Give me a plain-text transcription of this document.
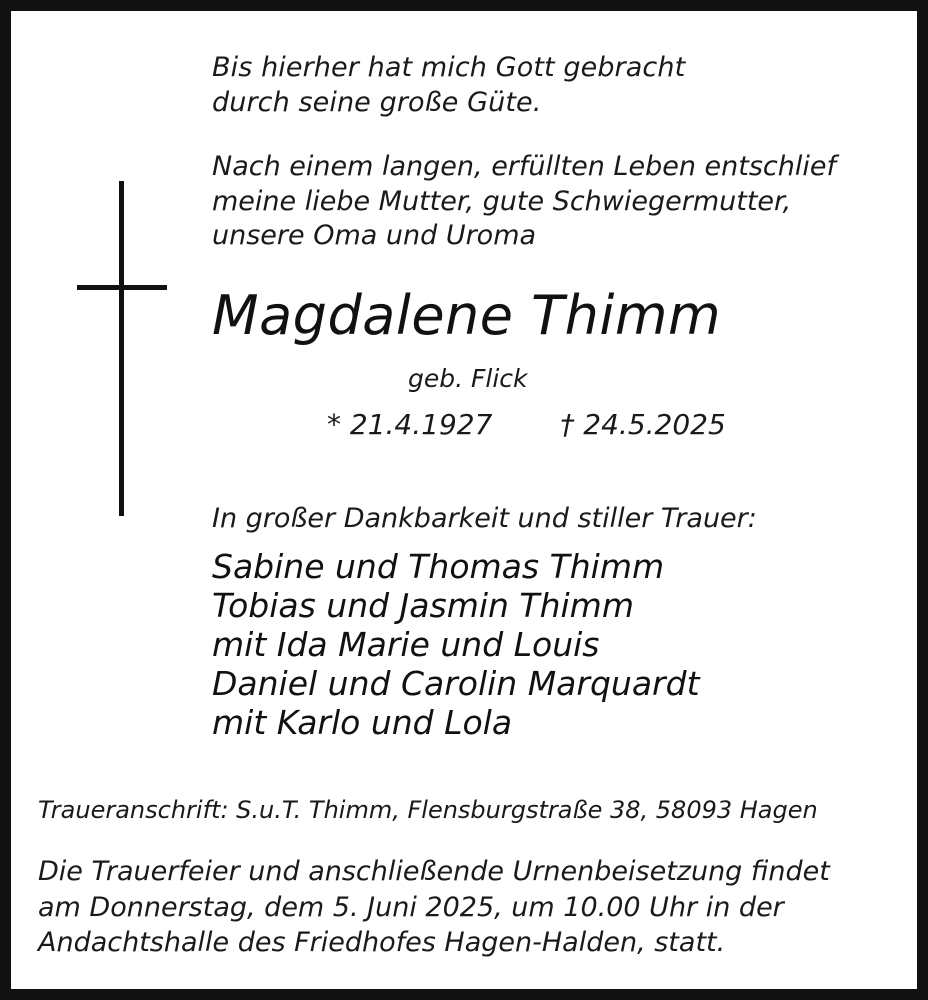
Bis hierher hat mich Gott gebracht
durch seine große Güte.
Nach einem langen, erfüllten Leben entschlief
meine liebe Mutter, gute Schwiegermutter,
unsere Oma und Uroma
Magdalene Thimm
geb. Flick
* 21.4.1927 † 24.5.2025
In großer Dankbarkeit und stiller Trauer:
Sabine und Thomas Thimm
Tobias und Jasmin Thimm
mit Ida Marie und Louis
Daniel und Carolin Marquardt
mit Karlo und Lola
Traueranschrift: S.u.T. Thimm, Flensburgstraße 38, 58093 Hagen
Die Trauerfeier und anschließende Urnenbeisetzung findet
am Donnerstag, dem 5. Juni 2025, um 10.00 Uhr in der
Andachtshalle des Friedhofes Hagen-Halden, statt.
